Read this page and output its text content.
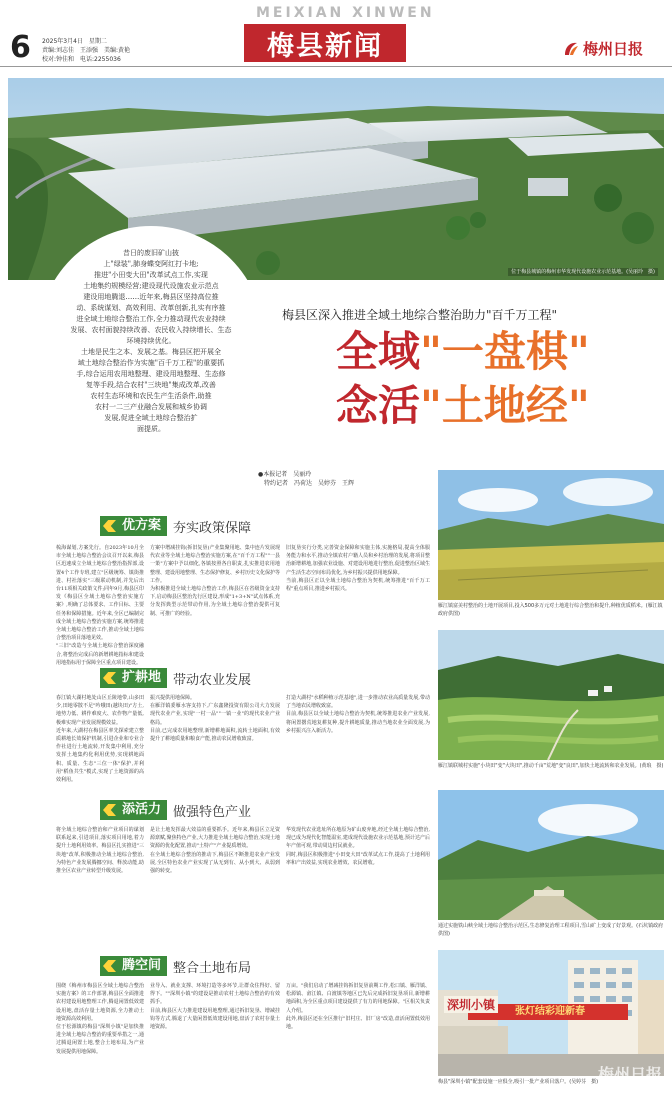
6 2025年3月4日　星期二
责编:刘志佳　王添强　美编:黄艳
校对:钟佳和　电话:2255036
MEIXIAN XINWEN
梅县新闻	梅州日报
位于梅县城镇的梅州市华发现代设施农业示范基地。(吴丽玲　摄)
昔日的废旧矿山披
上"绿装",肺身蝶变阿红打卡地;
推进"小田变大田"改革试点工作,实现
土地集约规模经营;建设现代设施农业示范点
建设用地腾退……近年来,梅县区坚持高位推
动、系统谋划、高效利用、改革创新,扎实有序推
进全域土地综合整治工作,全力推动现代农业持续
发展、农村面貌持续改善、农民收入持续增长、生态
环境持续优化。
土地是民生之本、发展之基。梅县区把开展全
域土地综合整治作为实施"百千万工程"的重要抓
手,综合运用农用地整理、建设用地整理、生态修
复等手段,结合农村"三块地"集成改革,改善
农村生态环境和农民生产生活条件,助推
农村一二三产业融合发展和城乡协调
发展,促进全域土地综合整治扩
面提质。
梅县区深入推进全域土地综合整治助力"百千万工程"
全域"一盘棋"
念活"土地经"
●本报记者　吴丽玲
　特约记者　冯荷达　吴婷芬　王辉
优方案 夯实政策保障
梳海谋划,方案先行。自2023年10月全市全域土地综合整治会议召开以来,梅县区迅速成立全域土地综合整治指挥部,设置4个工作专班,建立"区级统筹、镇街推进、村社落实"三级联动机制,并先后出台11项相关政策文件;同年9月,梅县区印发《梅县区全域土地综合整治实施方案》,明确了总体要求、工作目标、主要任务和保障措施。近年来,全区已编制完成全域土地综合整治实施方案,统筹推进全域土地综合整治工作,推动全域土地综合整治项目落地见效。
"三旧"改造与全域土地综合整治深度融合,将整治完成后的新增耕地指标和建设用地指标用于保障全区重点项目建设。
方案中增减挂钩(拆旧复垦)产业集聚用地、集中连片发展现代农业等全域土地综合整治实施方案,在"百千万工程""一县一策"方案中予以细化,各镇按照各自职责,扎实推进农用地整理、建设用地整理、生态保护修复、乡村历史文化保护等工作。
为积极推进全域土地综合整治工作,梅县区在省级资金支持下,启动梅县区整治先行区建设,形成"1+3+N"试点体系,充分发挥典型示范带动作用,为全域土地综合整治提供可复制、可推广的经验。
旧复垦实行分类,完善资金保障和实施主体,实施格局,提高全体服务能力和水平,推动全镇农村户籍人员和乡村治理的发展,将项目整治新增耕地,加强农业设施、对建设用地进行整治,促进整治区域生产生活生态空间布局优化,为乡村振兴提供用地保障。
当前,梅县区正以全域土地综合整治为契机,统筹推进"百千万工程"重点项目,推进乡村振兴。
扩耕地 带动农业发展
春江镇大湖村地处山区丘陵地带,山多田少,田地零散不足"吟哦田(越块田)"方土,地势力低、耕作难度大、农作物产量低,极难实现产业发展规模效益。
近年来,大湖村在梅县区率先探索建立整质耕地长效保护机制,引进企业和专业合作社进行土地流转,开发集中利用,充分发挥土地集约化利用优势,实现耕地面积、质量、生态"三位一体"保护,并利用"稻鱼共生"模式,实现了土地资源的高效利用。
振兴提供用地保障。
在雁洋镇委雁水客支持下,广东鑫隆投资有限公司大力发展现代农业产业,实现"一村一品""一镇一业"的现代农业产业格局。
目前,已完成农用地整理,新增耕地面积,流转土地面积,有效提升了耕地质量和粮食产能,推动农民增收致富。
打造大湖村"水稻种植示范基地",进一步推动农业高质量发展,带动了当地农民增收致富。
目前,梅县区以全域土地综合整治为契机,统筹推进农业产业发展,将闲置撂荒地复耕复种,提升耕地质量,推动当地农业全面发展,为乡村振兴注入新活力。
添活力 做强特色产业
将全域土地综合整治和产业项目的谋划联系起来,引进项目,落实项目用地,着力提升土地利用效率。梅县区扎实推进"三块地"改革,积极推动全域土地综合整治,为特色产业发展腾挪空间、释放动能,助推全区农业产业转型升级发展。
是让土地发挥最大效益的重要抓手。近年来,梅县区立足资源禀赋,聚焦特色产业,大力推进全域土地综合整治,实现土地资源的优化配置,推动"土特产"产业提质增效。
在全域土地综合整治的推动下,梅县区不断推进农业产业发展,全区特色农业产业实现了从无到有、从小到大、从弱到强的转变。
华发现代农业选址所在地原为矿山废弃地,经过全域土地综合整治,现已成为现代化智能温室,建成现代设施农业示范基地,预计达产后年产值可观,带动周边村民就业。
同时,梅县区积极推进"小田变大田"改革试点工作,提高了土地利用率和产出效益,实现农业增效、农民增收。
腾空间 整合土地布局
围绕《梅州市梅县区全域土地综合整治实施方案》的工作部署,梅县区全面推进农村建设用地整理工作,腾退闲置低效建设用地,盘活存量土地资源,全力推动土地资源高效利用。
位于松源镇的梅县"深圳小镇"是加快推进全域土地综合整治的重要举措之一,通过腾退闲置土地,整合土地布局,为产业发展提供用地保障。
业导入、就业支撑、环境打造等多环节,让群众住得好、留得下。""深圳小镇"的建设是推动农村土地综合整治的有效抓手。
目前,梅县区大力推进建设用地整理,通过拆旧复垦、增减挂钩等方式,腾退了大量闲置低效建设用地,盘活了农村存量土地资源。
万亩。"我们启动了增减挂钩拆旧复垦前期工作,松口镇、雁洋镇、松源镇、畲江镇、白渡镇等地区已先后完成拆旧复垦项目,新增耕地面积,为全区重点项目建设提供了有力的用地保障。"区相关负责人介绍。
此外,梅县区还在全区推行"旧村庄、旧厂房"改造,盘活闲置低效用地。
雁江镇富美村整治的土地开展项目,投入500多万元对土地进行综合整治和提升,种植优质稻米。(雁江镇政府供图)
雁江镇联城村实施"小块田"变"大块田",推动千亩"荒地"变"良田",加快土地流转和农业发展。(黄琅　摄)
通过实施铁山峡全域土地综合整治示范区,生态修复治理工程项目,雪山矿上变成了好景观。(石坑镇政府供图)
深圳小镇	张灯结彩迎新春
梅县"深圳小镇"配套设施一应俱全,吸引一批产业项目落户。(吴婷芬　摄) 梅州日报
